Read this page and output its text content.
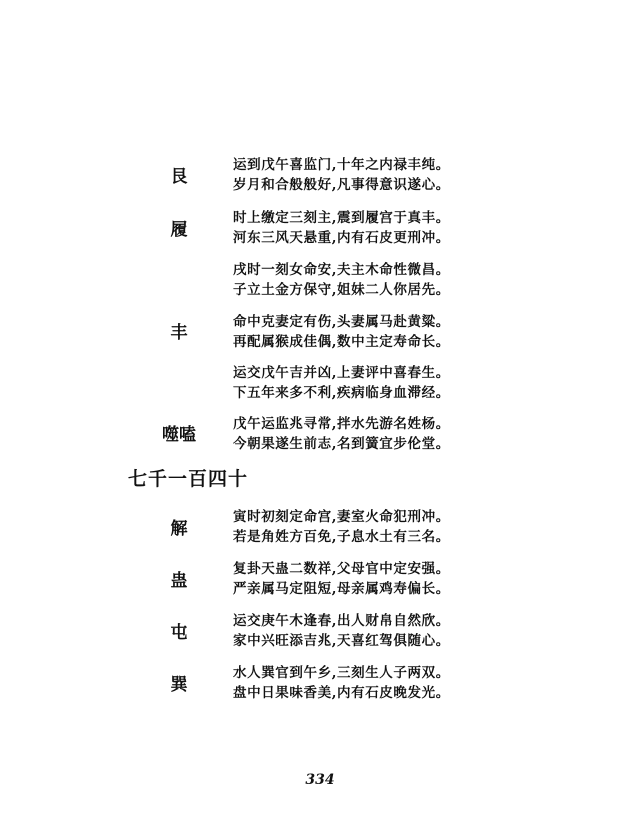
艮
履
丰
噬嗑
运到戊午喜监门,十年之内禄丰纯。
岁月和合般般好,凡事得意识遂心。
时上缴定三刻主,震到履宫于真丰。
河东三风天悬重,内有石皮更刑冲。
戌时一刻女命安,夫主木命性微昌。
子立土金方保守,姐妹二人你居先。
命中克妻定有伤,头妻属马赴黄粱。
再配属猴成佳偶,数中主定寿命长。
运交戊午吉并凶,上妻评中喜春生。
下五年来多不利,疾病临身血滞经。
戊午运监兆寻常,拌水先游名姓杨。
今朝果遂生前志,名到簧宜步伦堂。
七千一百四十
解
蛊
屯
巽
寅时初刻定命宫,妻室火命犯刑冲。
若是角姓方百免,子息水土有三名。
复卦天蛊二数祥,父母官中定安强。
严亲属马定阻短,母亲属鸡寿偏长。
运交庚午木逢春,出人财帛自然欣。
家中兴旺添吉兆,天喜红驾俱随心。
水人巽官到午乡,三刻生人子两双。
盘中日果味香美,内有石皮晚发光。
334
